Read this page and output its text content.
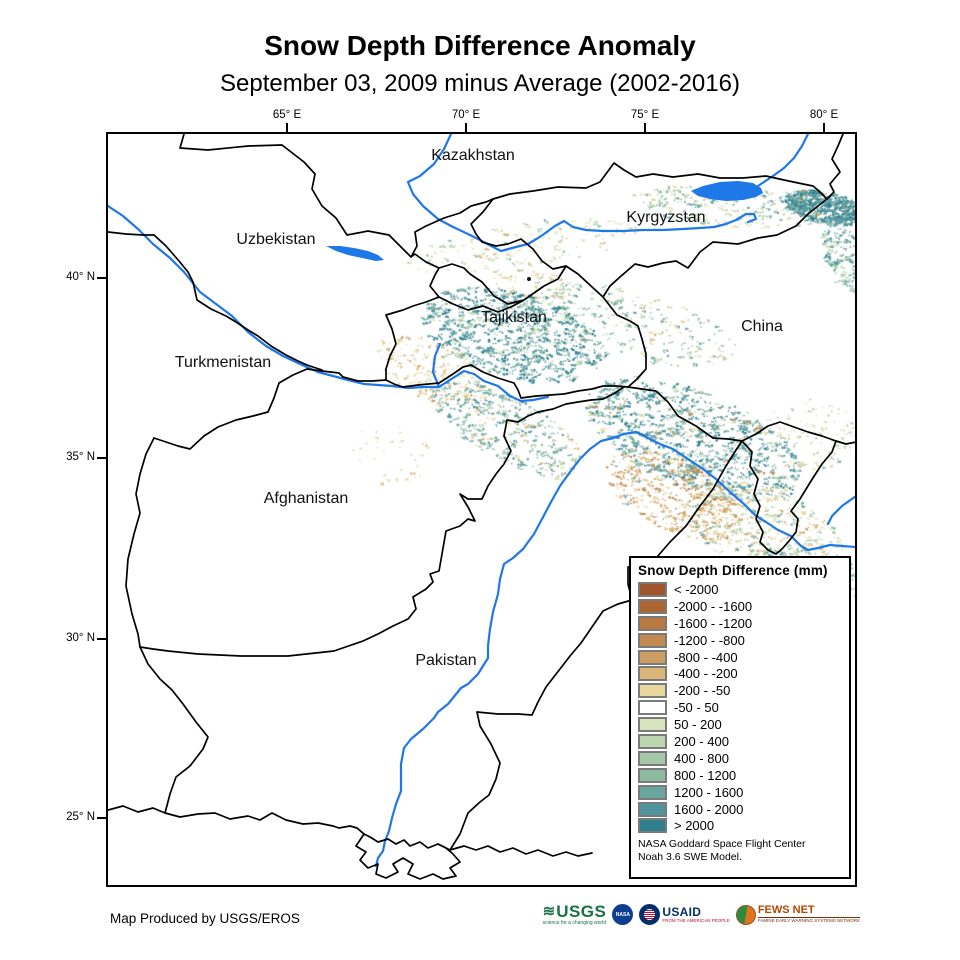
Snow Depth Difference Anomaly
September 03, 2009 minus Average (2002-2016)
65° E	70° E	75° E	80° E
40° N
35° N
30° N
25° N
Kazakhstan
Kyrgyzstan
Uzbekistan
Tajikistan
China
Turkmenistan
Afghanistan
Pakistan
Snow Depth Difference (mm)
< -2000
-2000 - -1600
-1600 - -1200
-1200 - -800
-800 - -400
-400 - -200
-200 - -50
-50 - 50
50 - 200
200 - 400
400 - 800
800 - 1200
1200 - 1600
1600 - 2000
> 2000
NASA Goddard Space Flight Center
Noah 3.6 SWE Model.
Map Produced by USGS/EROS	≋ USGS
science for a changing world
NASA	USAID
FROM THE AMERICAN PEOPLE
FEWS NET
FAMINE EARLY WARNING SYSTEMS NETWORK
